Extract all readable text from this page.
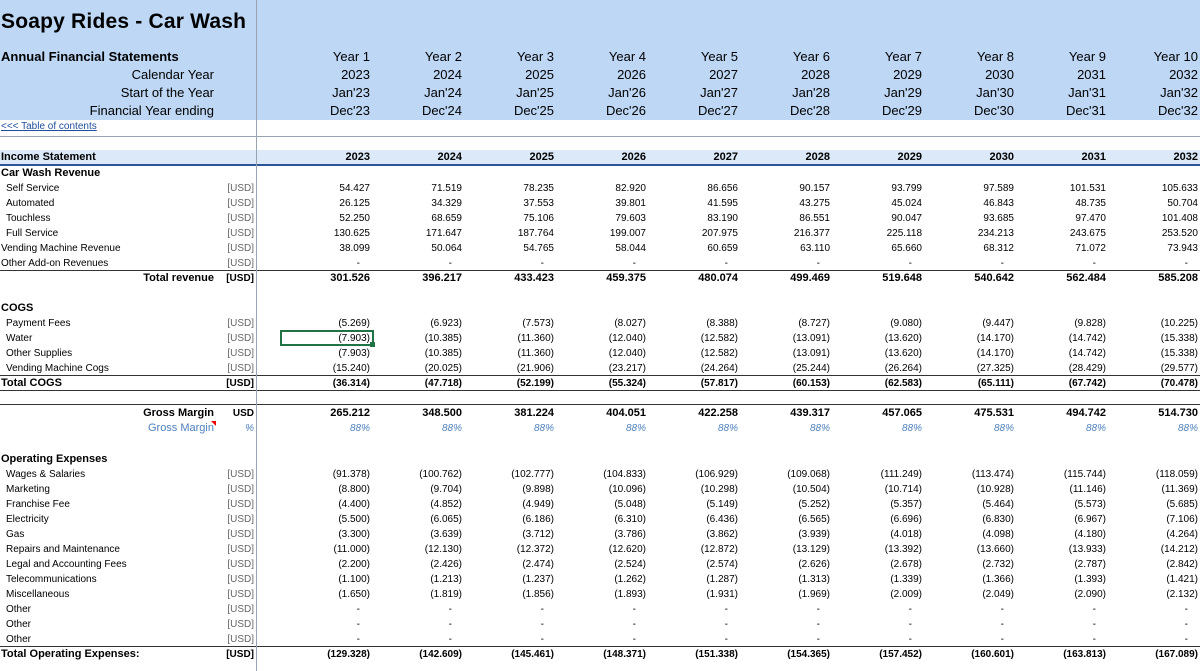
Soapy Rides - Car Wash
Annual Financial Statements	Year 1	Year 2	Year 3	Year 4	Year 5	Year 6	Year 7	Year 8	Year 9	Year 10
Calendar Year	2023	2024	2025	2026	2027	2028	2029	2030	2031	2032
Start of the Year	Jan'23	Jan'24	Jan'25	Jan'26	Jan'27	Jan'28	Jan'29	Jan'30	Jan'31	Jan'32
Financial Year ending	Dec'23	Dec'24	Dec'25	Dec'26	Dec'27	Dec'28	Dec'29	Dec'30	Dec'31	Dec'32
<<< Table of contents
Income Statement	2023	2024	2025	2026	2027	2028	2029	2030	2031	2032
Car Wash Revenue
Self Service	[USD]	54.427	71.519	78.235	82.920	86.656	90.157	93.799	97.589	101.531	105.633
Automated	[USD]	26.125	34.329	37.553	39.801	41.595	43.275	45.024	46.843	48.735	50.704
Touchless	[USD]	52.250	68.659	75.106	79.603	83.190	86.551	90.047	93.685	97.470	101.408
Full Service	[USD]	130.625	171.647	187.764	199.007	207.975	216.377	225.118	234.213	243.675	253.520
Vending Machine Revenue	[USD]	38.099	50.064	54.765	58.044	60.659	63.110	65.660	68.312	71.072	73.943
Other Add-on Revenues	[USD]	-	-	-	-	-	-	-	-	-	-
Total revenue	[USD]	301.526	396.217	433.423	459.375	480.074	499.469	519.648	540.642	562.484	585.208
COGS
Payment Fees	[USD]	(5.269)	(6.923)	(7.573)	(8.027)	(8.388)	(8.727)	(9.080)	(9.447)	(9.828)	(10.225)
Water	[USD]	(7.903)	(10.385)	(11.360)	(12.040)	(12.582)	(13.091)	(13.620)	(14.170)	(14.742)	(15.338)
Other Supplies	[USD]	(7.903)	(10.385)	(11.360)	(12.040)	(12.582)	(13.091)	(13.620)	(14.170)	(14.742)	(15.338)
Vending Machine Cogs	[USD]	(15.240)	(20.025)	(21.906)	(23.217)	(24.264)	(25.244)	(26.264)	(27.325)	(28.429)	(29.577)
Total COGS	[USD]	(36.314)	(47.718)	(52.199)	(55.324)	(57.817)	(60.153)	(62.583)	(65.111)	(67.742)	(70.478)
Gross Margin	USD	265.212	348.500	381.224	404.051	422.258	439.317	457.065	475.531	494.742	514.730
Gross Margin	%	88%	88%	88%	88%	88%	88%	88%	88%	88%	88%
Operating Expenses
Wages & Salaries	[USD]	(91.378)	(100.762)	(102.777)	(104.833)	(106.929)	(109.068)	(111.249)	(113.474)	(115.744)	(118.059)
Marketing	[USD]	(8.800)	(9.704)	(9.898)	(10.096)	(10.298)	(10.504)	(10.714)	(10.928)	(11.146)	(11.369)
Franchise Fee	[USD]	(4.400)	(4.852)	(4.949)	(5.048)	(5.149)	(5.252)	(5.357)	(5.464)	(5.573)	(5.685)
Electricity	[USD]	(5.500)	(6.065)	(6.186)	(6.310)	(6.436)	(6.565)	(6.696)	(6.830)	(6.967)	(7.106)
Gas	[USD]	(3.300)	(3.639)	(3.712)	(3.786)	(3.862)	(3.939)	(4.018)	(4.098)	(4.180)	(4.264)
Repairs and Maintenance	[USD]	(11.000)	(12.130)	(12.372)	(12.620)	(12.872)	(13.129)	(13.392)	(13.660)	(13.933)	(14.212)
Legal and Accounting Fees	[USD]	(2.200)	(2.426)	(2.474)	(2.524)	(2.574)	(2.626)	(2.678)	(2.732)	(2.787)	(2.842)
Telecommunications	[USD]	(1.100)	(1.213)	(1.237)	(1.262)	(1.287)	(1.313)	(1.339)	(1.366)	(1.393)	(1.421)
Miscellaneous	[USD]	(1.650)	(1.819)	(1.856)	(1.893)	(1.931)	(1.969)	(2.009)	(2.049)	(2.090)	(2.132)
Other	[USD]	-	-	-	-	-	-	-	-	-	-
Other	[USD]	-	-	-	-	-	-	-	-	-	-
Other	[USD]	-	-	-	-	-	-	-	-	-	-
Total Operating Expenses:	[USD]	(129.328)	(142.609)	(145.461)	(148.371)	(151.338)	(154.365)	(157.452)	(160.601)	(163.813)	(167.089)
